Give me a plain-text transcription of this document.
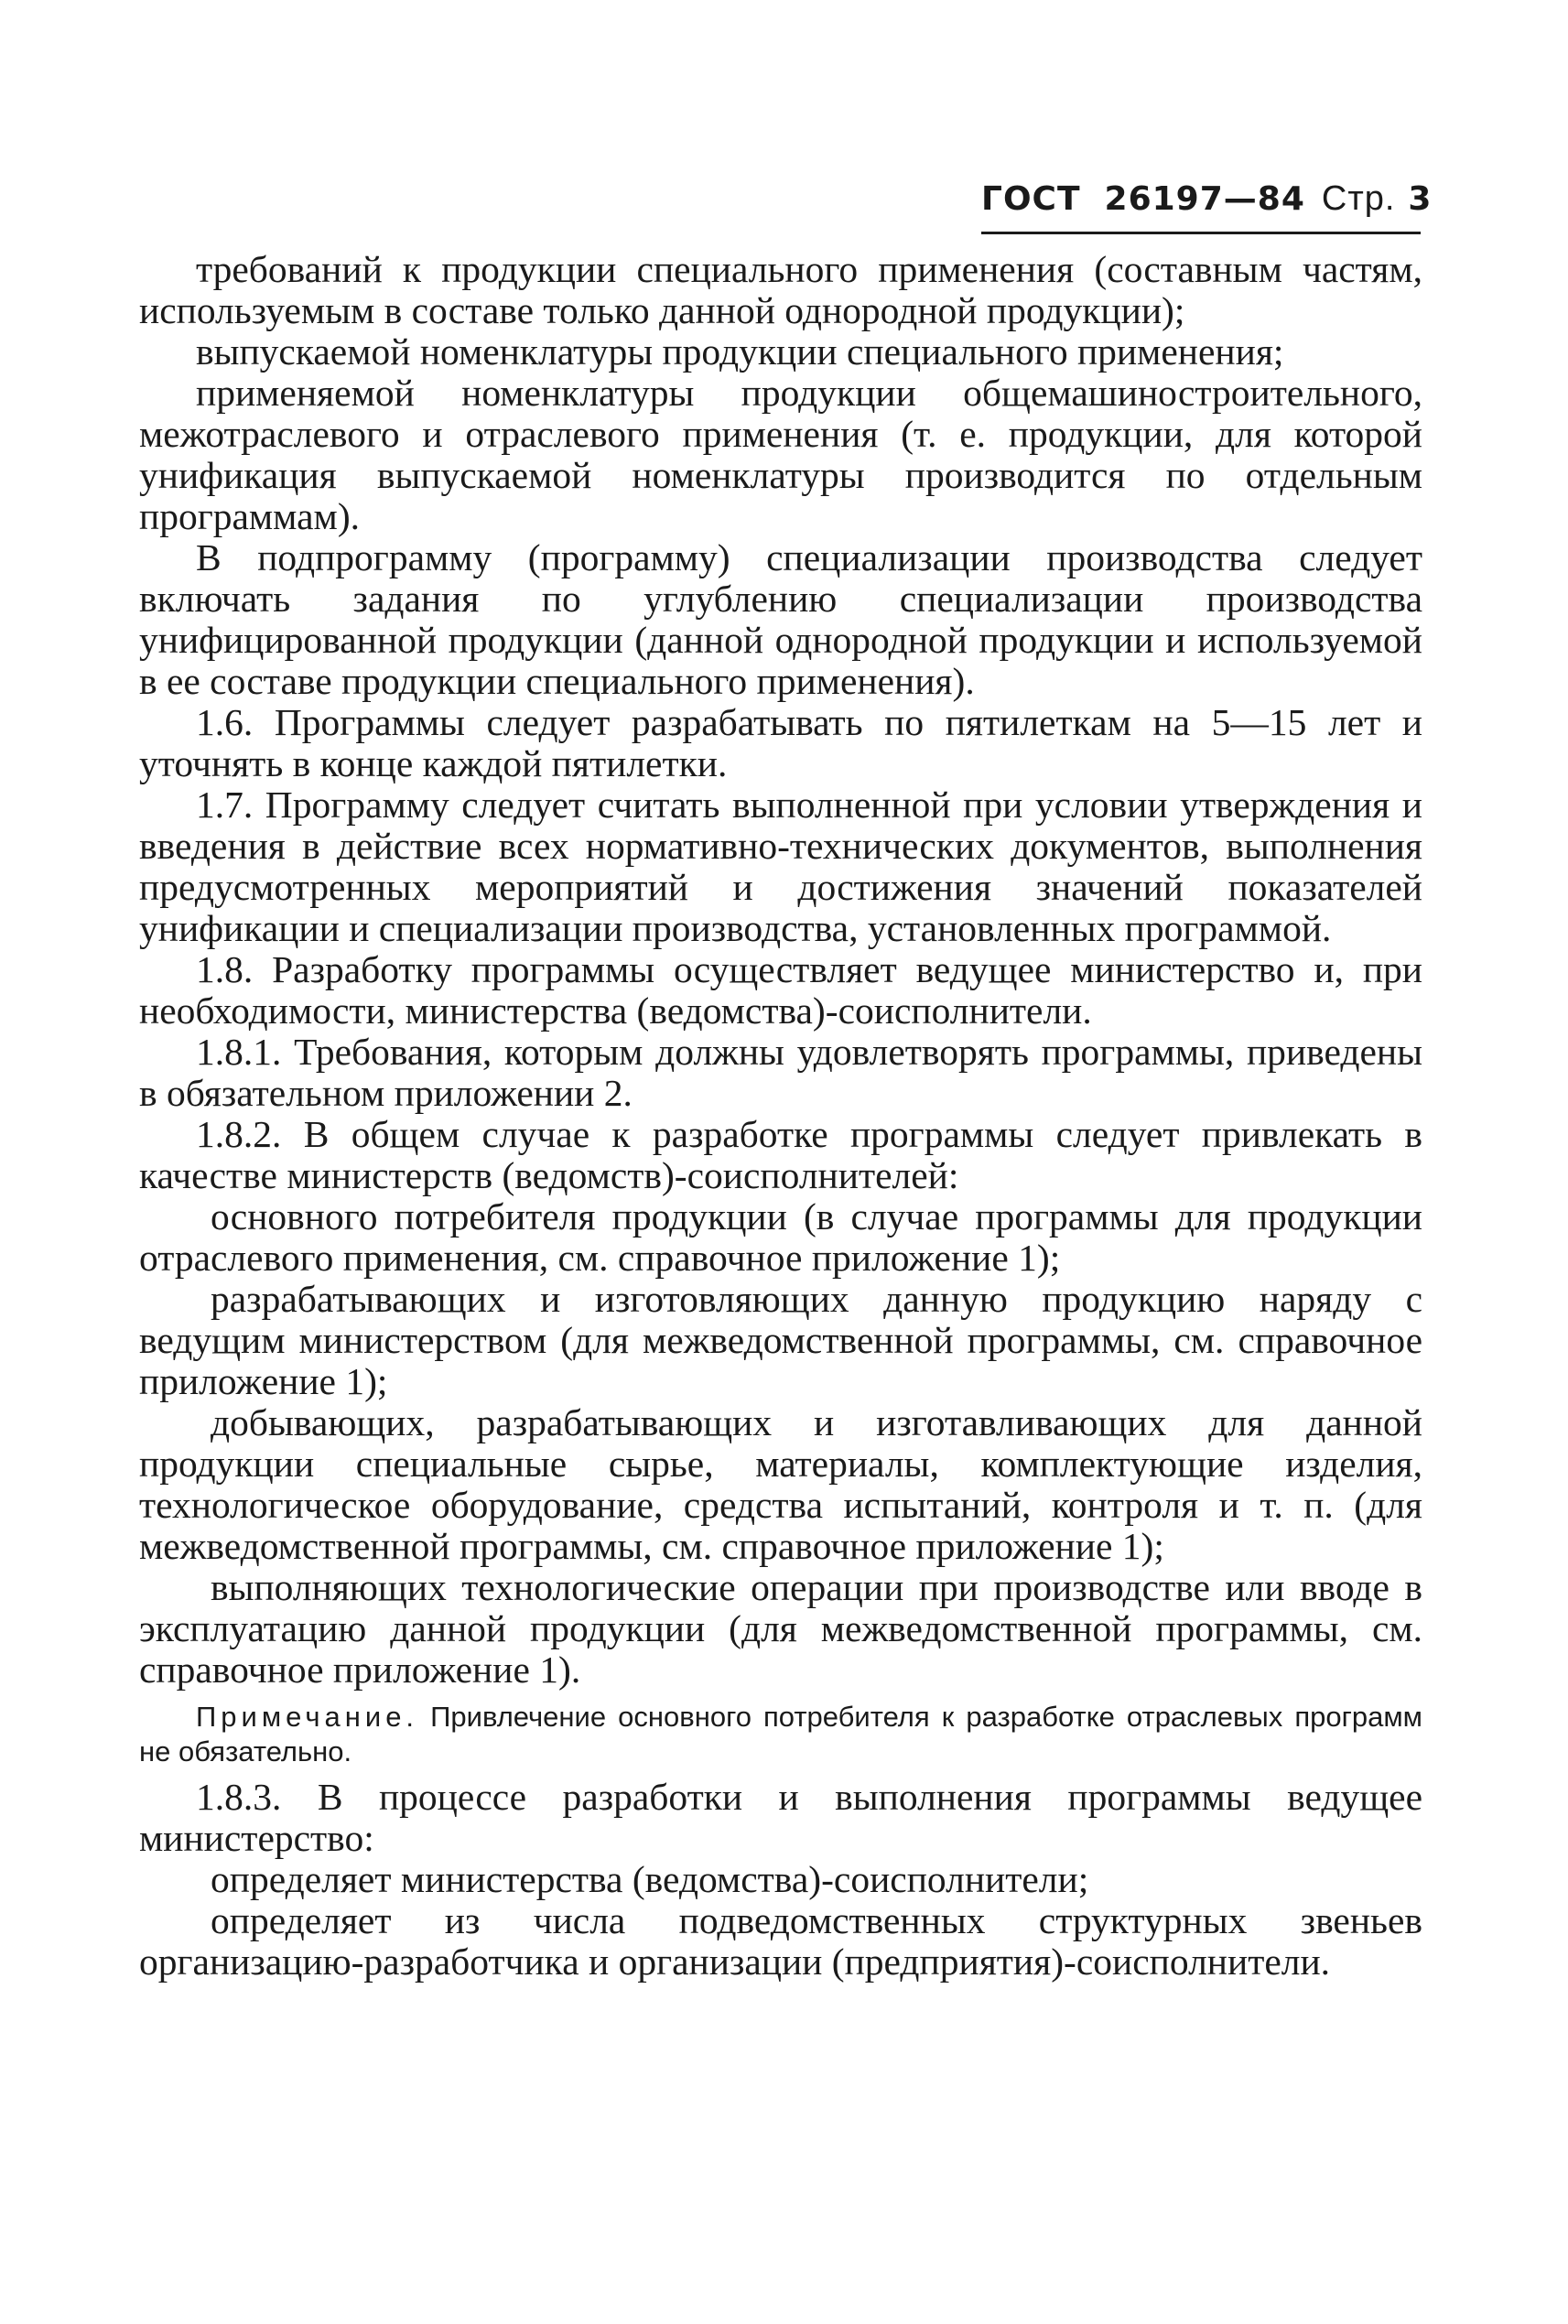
ГОСТ 26197—84 Стр. 3

требований к продукции специального применения (составным частям, используемым в составе только данной однородной продукции);

выпускаемой номенклатуры продукции специального применения;

применяемой номенклатуры продукции общемашиностроительного, межотраслевого и отраслевого применения (т. е. продукции, для которой унификация выпускаемой номенклатуры производится по отдельным программам).

В подпрограмму (программу) специализации производства следует включать задания по углублению специализации производства унифицированной продукции (данной однородной продукции и используемой в ее составе продукции специального применения).

1.6. Программы следует разрабатывать по пятилеткам на 5—15 лет и уточнять в конце каждой пятилетки.

1.7. Программу следует считать выполненной при условии утверждения и введения в действие всех нормативно-технических документов, выполнения предусмотренных мероприятий и достижения значений показателей унификации и специализации производства, установленных программой.

1.8. Разработку программы осуществляет ведущее министерство и, при необходимости, министерства (ведомства)-соисполнители.

1.8.1. Требования, которым должны удовлетворять программы, приведены в обязательном приложении 2.

1.8.2. В общем случае к разработке программы следует привлекать в качестве министерств (ведомств)-соисполнителей:

основного потребителя продукции (в случае программы для продукции отраслевого применения, см. справочное приложение 1);

разрабатывающих и изготовляющих данную продукцию наряду с ведущим министерством (для межведомственной программы, см. справочное приложение 1);

добывающих, разрабатывающих и изготавливающих для данной продукции специальные сырье, материалы, комплектующие изделия, технологическое оборудование, средства испытаний, контроля и т. п. (для межведомственной программы, см. справочное приложение 1);

выполняющих технологические операции при производстве или вводе в эксплуатацию данной продукции (для межведомственной программы, см. справочное приложение 1).

Примечание. Привлечение основного потребителя к разработке отраслевых программ не обязательно.

1.8.3. В процессе разработки и выполнения программы ведущее министерство:

определяет министерства (ведомства)-соисполнители;

определяет из числа подведомственных структурных звеньев организацию-разработчика и организации (предприятия)-соисполнители.
